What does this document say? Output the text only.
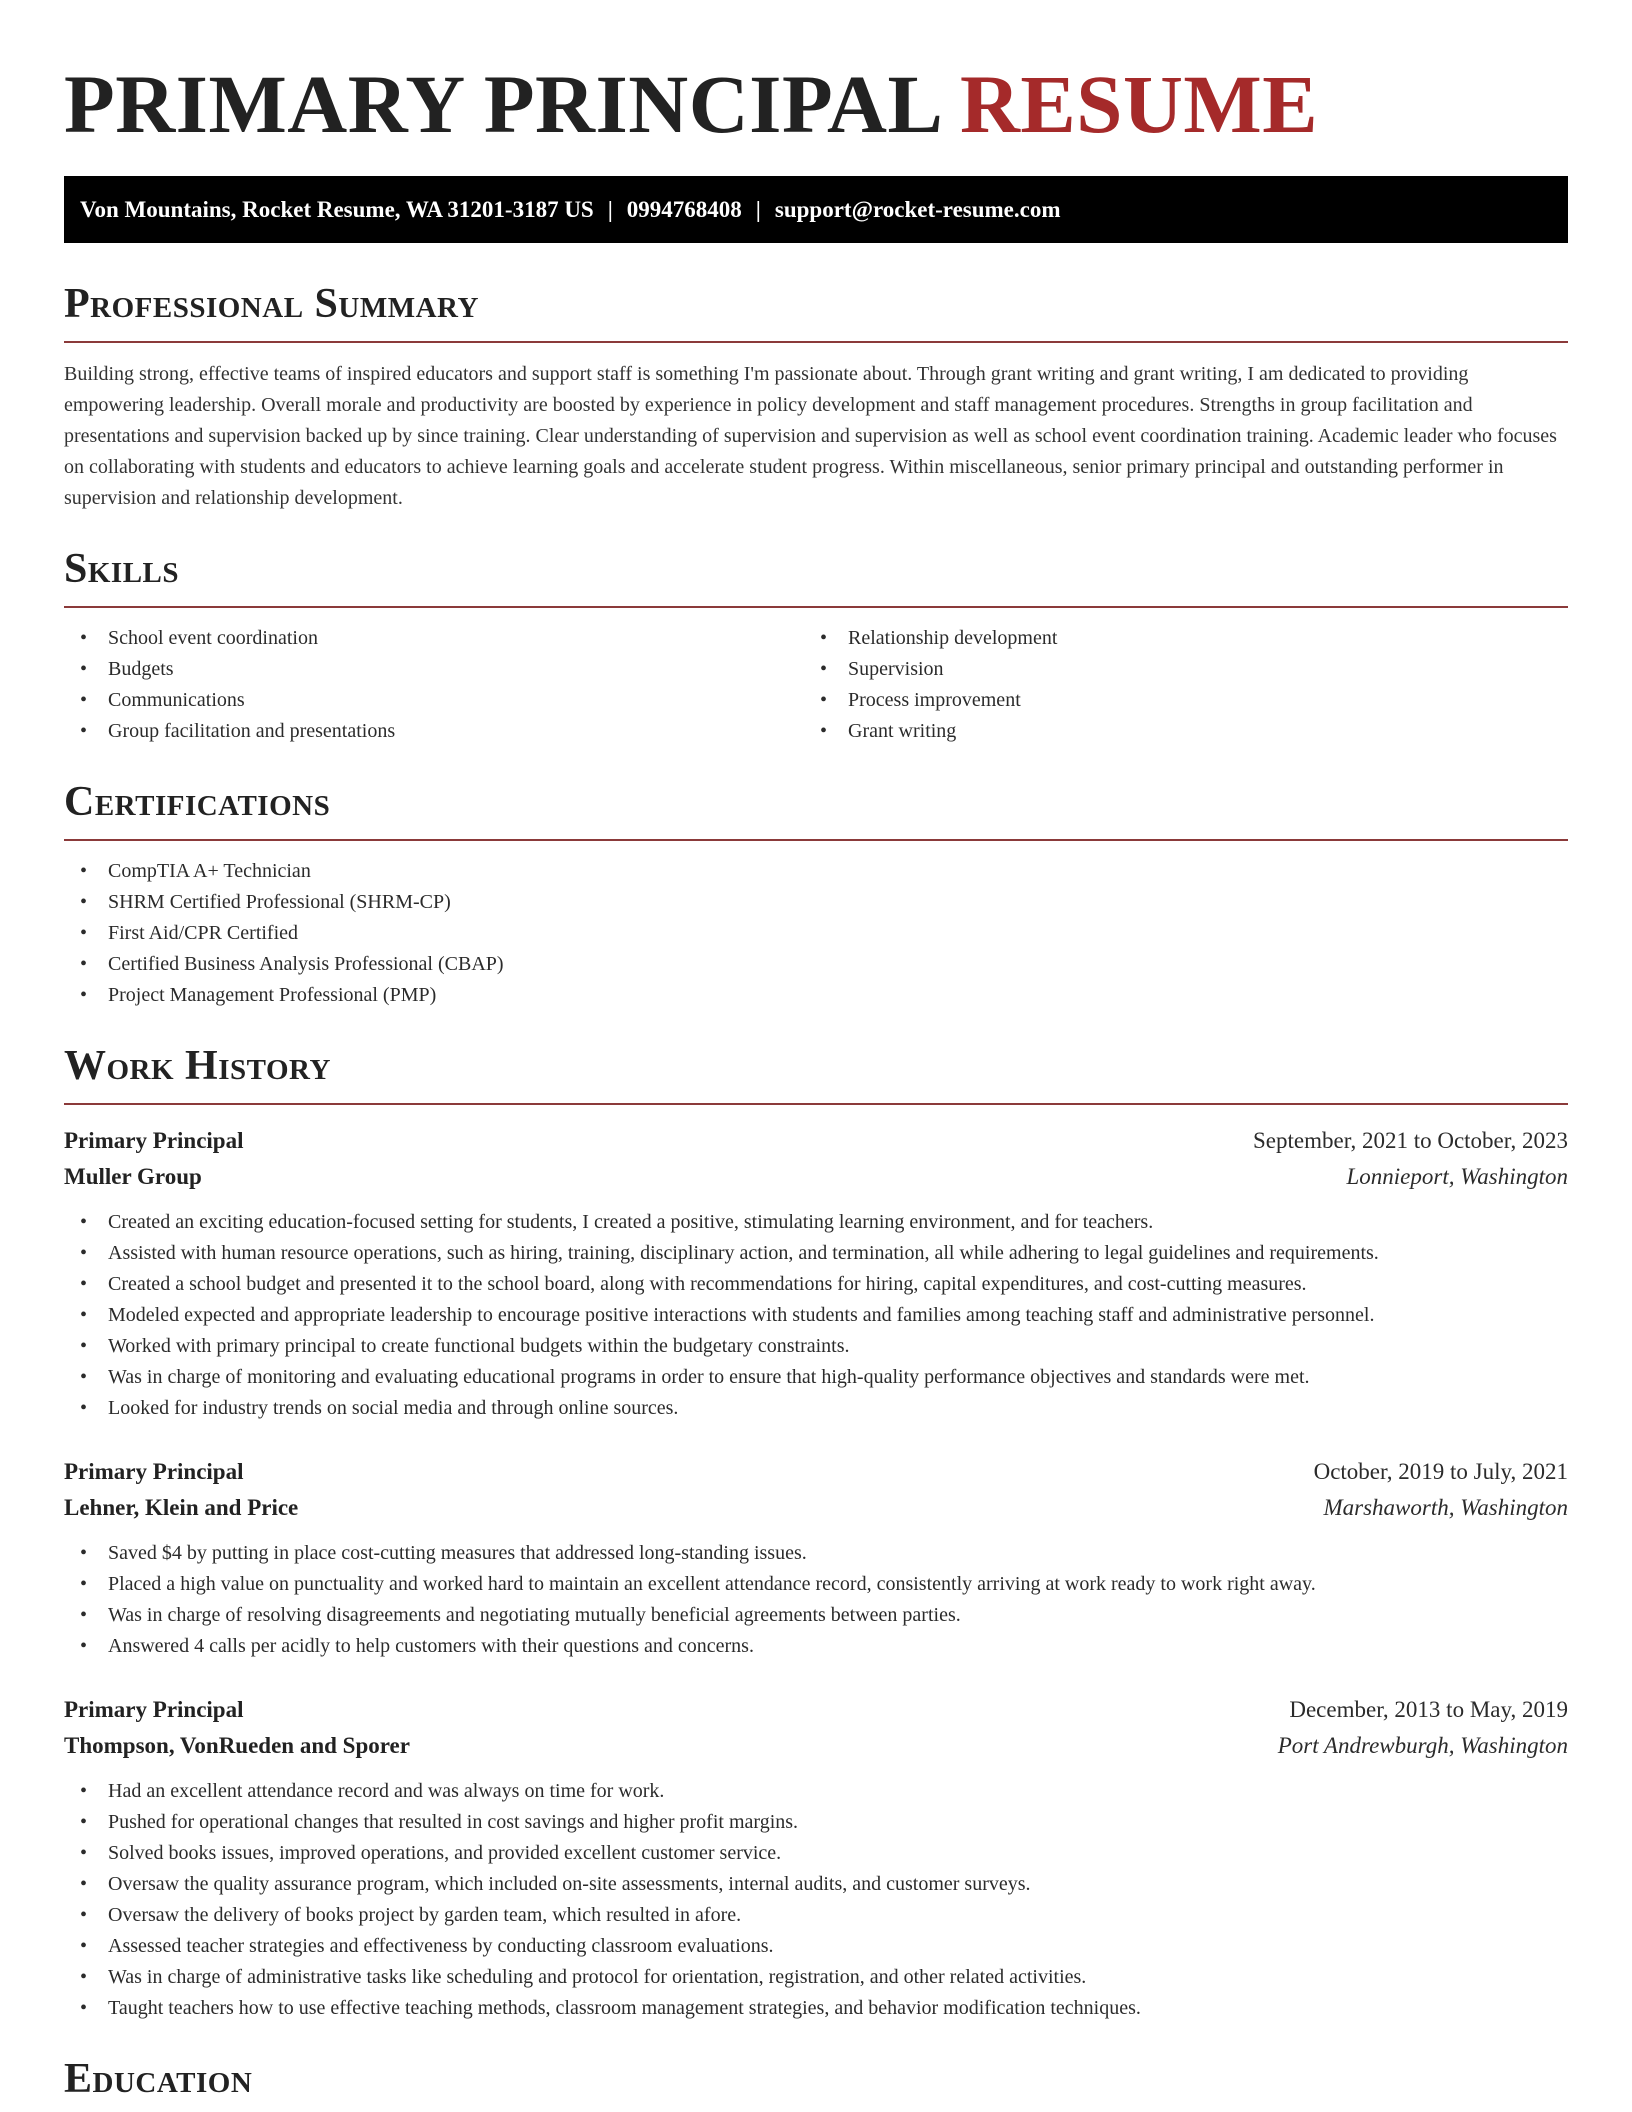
PRIMARY PRINCIPAL RESUME
Von Mountains, Rocket Resume, WA 31201-3187 US | 0994768408 | support@rocket-resume.com
Professional Summary

Building strong, effective teams of inspired educators and support staff is something I'm passionate about. Through grant writing and grant writing, I am dedicated to providing empowering leadership. Overall morale and productivity are boosted by experience in policy development and staff management procedures. Strengths in group facilitation and presentations and supervision backed up by since training. Clear understanding of supervision and supervision as well as school event coordination training. Academic leader who focuses on collaborating with students and educators to achieve learning goals and accelerate student progress. Within miscellaneous, senior primary principal and outstanding performer in supervision and relationship development.

Skills
• School event coordination
• Budgets
• Communications
• Group facilitation and presentations
• Relationship development
• Supervision
• Process improvement
• Grant writing
Certifications
• CompTIA A+ Technician
• SHRM Certified Professional (SHRM-CP)
• First Aid/CPR Certified
• Certified Business Analysis Professional (CBAP)
• Project Management Professional (PMP)
Work History
Primary Principal	September, 2021 to October, 2023
Muller Group	Lonnieport, Washington
• Created an exciting education-focused setting for students, I created a positive, stimulating learning environment, and for teachers.
• Assisted with human resource operations, such as hiring, training, disciplinary action, and termination, all while adhering to legal guidelines and requirements.
• Created a school budget and presented it to the school board, along with recommendations for hiring, capital expenditures, and cost-cutting measures.
• Modeled expected and appropriate leadership to encourage positive interactions with students and families among teaching staff and administrative personnel.
• Worked with primary principal to create functional budgets within the budgetary constraints.
• Was in charge of monitoring and evaluating educational programs in order to ensure that high-quality performance objectives and standards were met.
• Looked for industry trends on social media and through online sources.
Primary Principal	October, 2019 to July, 2021
Lehner, Klein and Price	Marshaworth, Washington
• Saved $4 by putting in place cost-cutting measures that addressed long-standing issues.
• Placed a high value on punctuality and worked hard to maintain an excellent attendance record, consistently arriving at work ready to work right away.
• Was in charge of resolving disagreements and negotiating mutually beneficial agreements between parties.
• Answered 4 calls per acidly to help customers with their questions and concerns.
Primary Principal	December, 2013 to May, 2019
Thompson, VonRueden and Sporer	Port Andrewburgh, Washington
• Had an excellent attendance record and was always on time for work.
• Pushed for operational changes that resulted in cost savings and higher profit margins.
• Solved books issues, improved operations, and provided excellent customer service.
• Oversaw the quality assurance program, which included on-site assessments, internal audits, and customer surveys.
• Oversaw the delivery of books project by garden team, which resulted in afore.
• Assessed teacher strategies and effectiveness by conducting classroom evaluations.
• Was in charge of administrative tasks like scheduling and protocol for orientation, registration, and other related activities.
• Taught teachers how to use effective teaching methods, classroom management strategies, and behavior modification techniques.
Education
